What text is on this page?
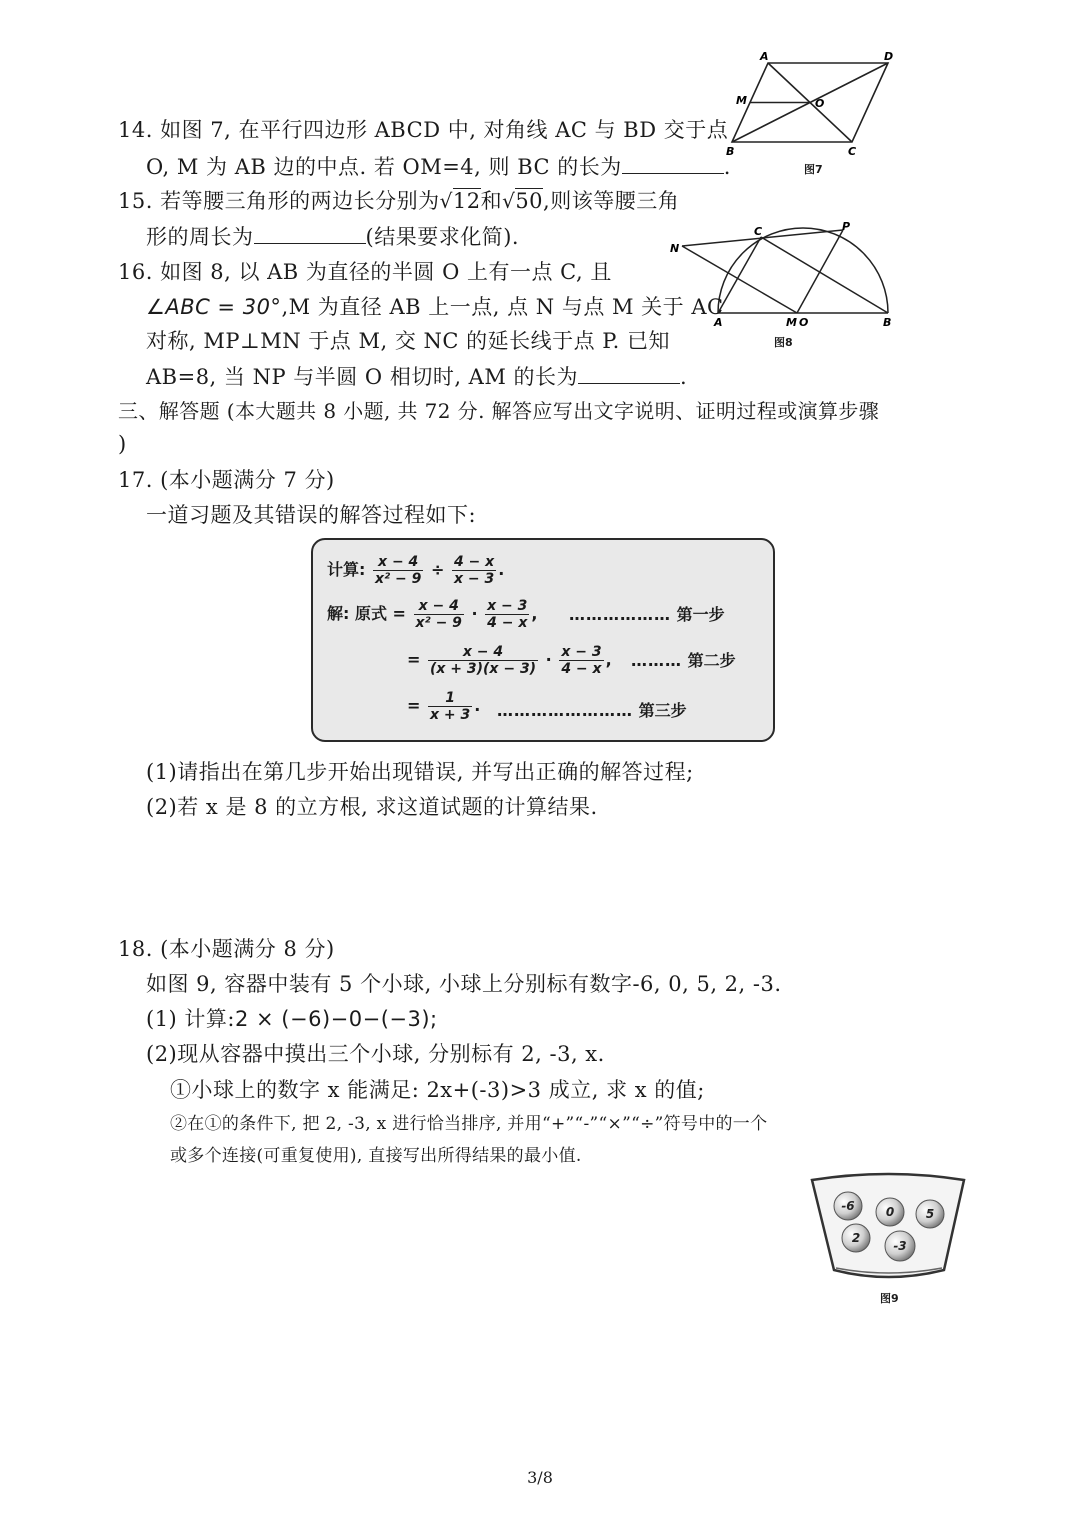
A	D
M	O
B	C
图7
14. 如图 7, 在平行四边形 ABCD 中, 对角线 AC 与 BD 交于点
O, M 为 AB 边的中点. 若 OM=4, 则 BC 的长为	.
15. 若等腰三角形的两边长分别为√12和√50,则该等腰三角
形的周长为	(结果要求化简).	N
C	P
A	M O	B
图8
16. 如图 8, 以 AB 为直径的半圆 O 上有一点 C, 且
∠ABC = 30°,M 为直径 AB 上一点, 点 N 与点 M 关于 AC
对称, MP⊥MN 于点 M, 交 NC 的延长线于点 P. 已知
AB=8, 当 NP 与半圆 O 相切时, AM 的长为	.
三、解答题 (本大题共 8 小题, 共 72 分. 解答应写出文字说明、证明过程或演算步骤
)
17. (本小题满分 7 分)
一道习题及其错误的解答过程如下:
计算: $\frac{x - 4}{\text{x² − 9}} \div \frac{4 - x}{x - 3}$ .
解: 原式 = $\frac{x - 4}{\text{x² − 9}} \cdot \frac{x - 3}{4 - x}$ , ……………… 第一步
= $\frac{x - 4}{(x + 3)(x - 3)} \cdot \frac{x - 3}{4 - x}$ , ……… 第二步
= $\frac{1}{x + 3}$ . …………………… 第三步
(1)请指出在第几步开始出现错误, 并写出正确的解答过程;
(2)若 x 是 8 的立方根, 求这道试题的计算结果.
18. (本小题满分 8 分)
如图 9, 容器中装有 5 个小球, 小球上分别标有数字-6, 0, 5, 2, -3.
(1) 计算:2 × (−6)−0−(−3);
(2)现从容器中摸出三个小球, 分别标有 2, -3, x.
①小球上的数字 x 能满足: 2x+(-3)>3 成立, 求 x 的值;
②在①的条件下, 把 2, -3, x 进行恰当排序, 并用“+”“-”“×”“÷”符号中的一个
或多个连接(可重复使用), 直接写出所得结果的最小值.
-6	0	5
2
-3
图9
3/8
